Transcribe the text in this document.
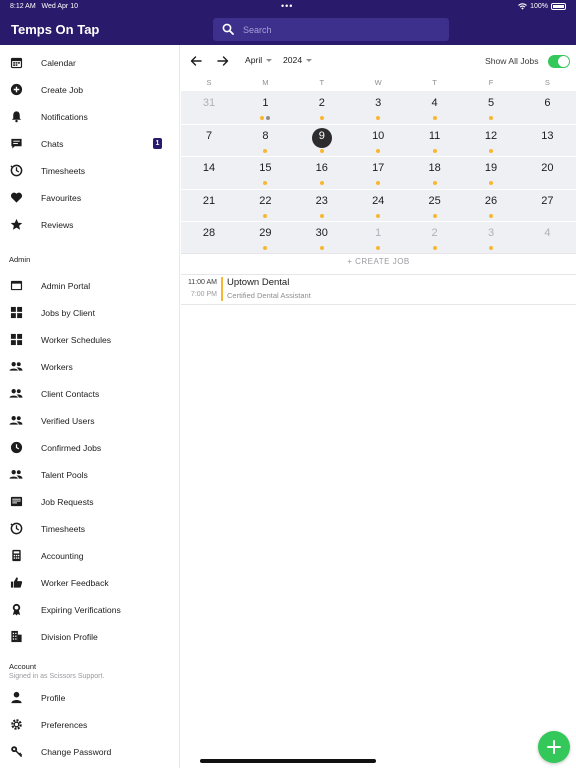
8:12 AM Wed Apr 10	•••	100%
Temps On Tap
Search
Calendar
Create Job
Notifications
Chats	1
Timesheets
Favourites
Reviews
Admin
Admin Portal
Jobs by Client
Worker Schedules
Workers
Client Contacts
Verified Users
Confirmed Jobs
Talent Pools
Job Requests
Timesheets
Accounting
Worker Feedback
Expiring Verifications
Division Profile
Account
Signed in as Scissors Support.
Profile
Preferences
Change Password
April 2024	Show All Jobs
S	M	T	W	T	F	S
31	1	2	3	4	5	6
7	8	9	10	11	12	13
14	15	16	17	18	19	20
21	22	23	24	25	26	27
28	29	30	1	2	3	4
+ CREATE JOB
11:00 AM
7:00 PM
Uptown Dental
Certified Dental Assistant
